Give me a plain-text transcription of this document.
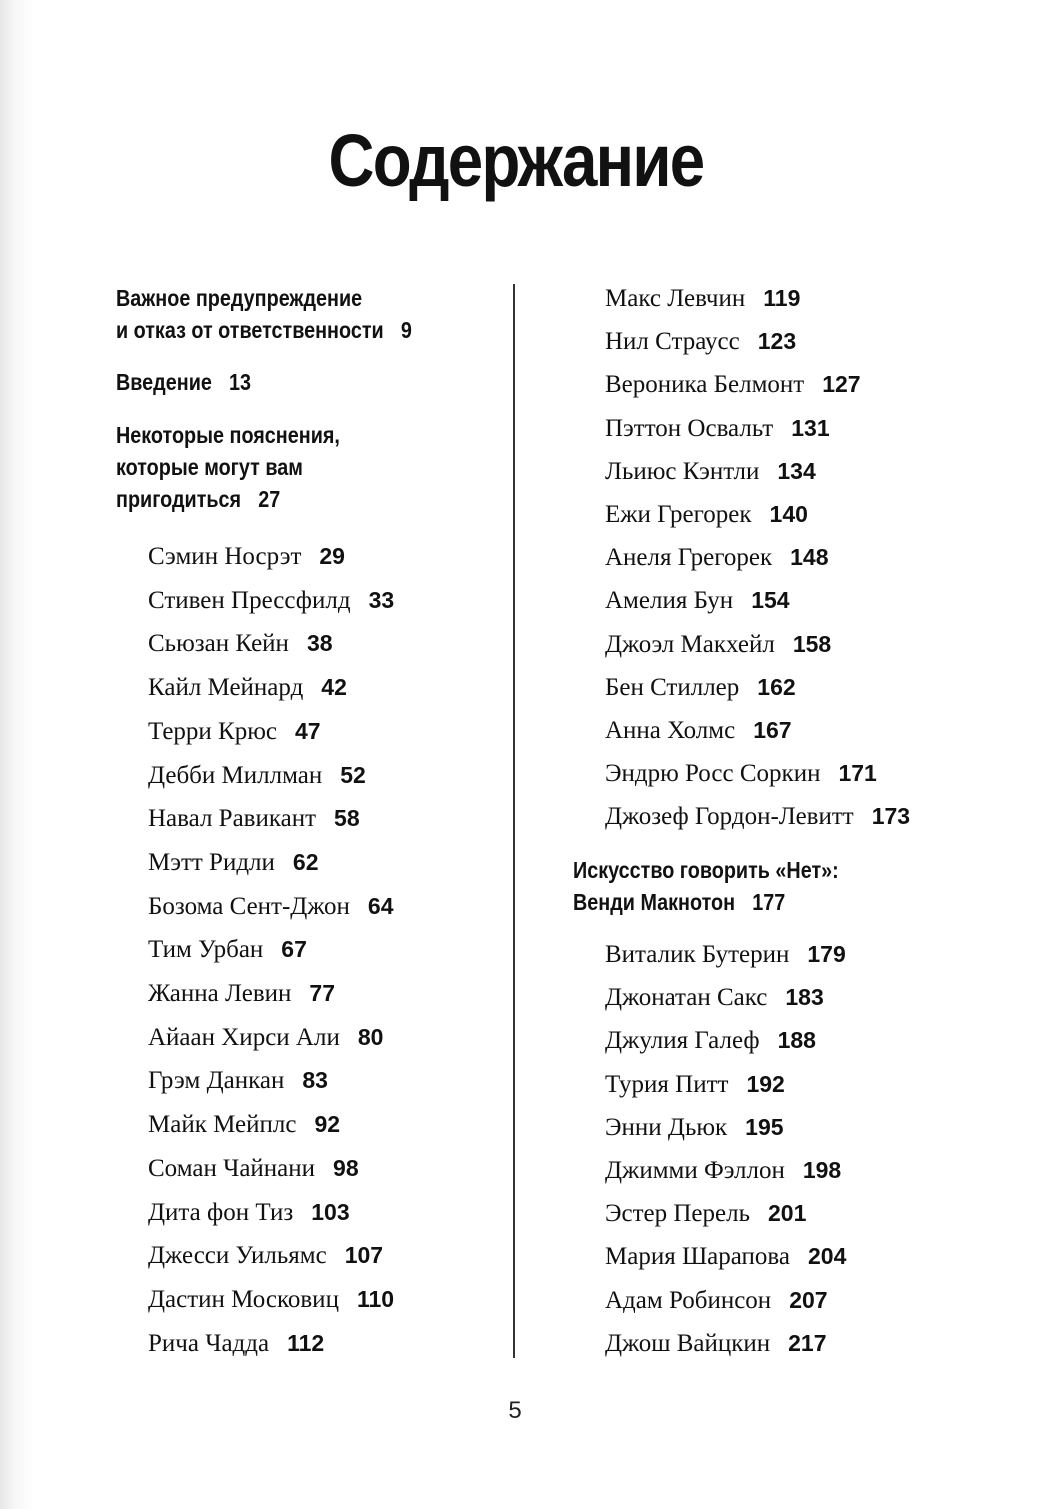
Содержание
Важное предупреждение
и отказ от ответственности 9
Введение 13
Некоторые пояснения,
которые могут вам
пригодиться 27
Сэмин Носрэт 29
Стивен Прессфилд 33
Сьюзан Кейн 38
Кайл Мейнард 42
Терри Крюс 47
Дебби Миллман 52
Навал Равикант 58
Мэтт Ридли 62
Бозома Сент-Джон 64
Тим Урбан 67
Жанна Левин 77
Айаан Хирси Али 80
Грэм Данкан 83
Майк Мейплс 92
Соман Чайнани 98
Дита фон Тиз 103
Джесси Уильямс 107
Дастин Московиц 110
Рича Чадда 112
Макс Левчин 119
Нил Страусс 123
Вероника Белмонт 127
Пэттон Освальт 131
Льиюс Кэнтли 134
Ежи Грегорек 140
Анеля Грегорек 148
Амелия Бун 154
Джоэл Макхейл 158
Бен Стиллер 162
Анна Холмс 167
Эндрю Росс Соркин 171
Джозеф Гордон-Левитт 173
Искусство говорить «Нет»:
Венди Макнотон 177
Виталик Бутерин 179
Джонатан Сакс 183
Джулия Галеф 188
Турия Питт 192
Энни Дьюк 195
Джимми Фэллон 198
Эстер Перель 201
Мария Шарапова 204
Адам Робинсон 207
Джош Вайцкин 217
5
